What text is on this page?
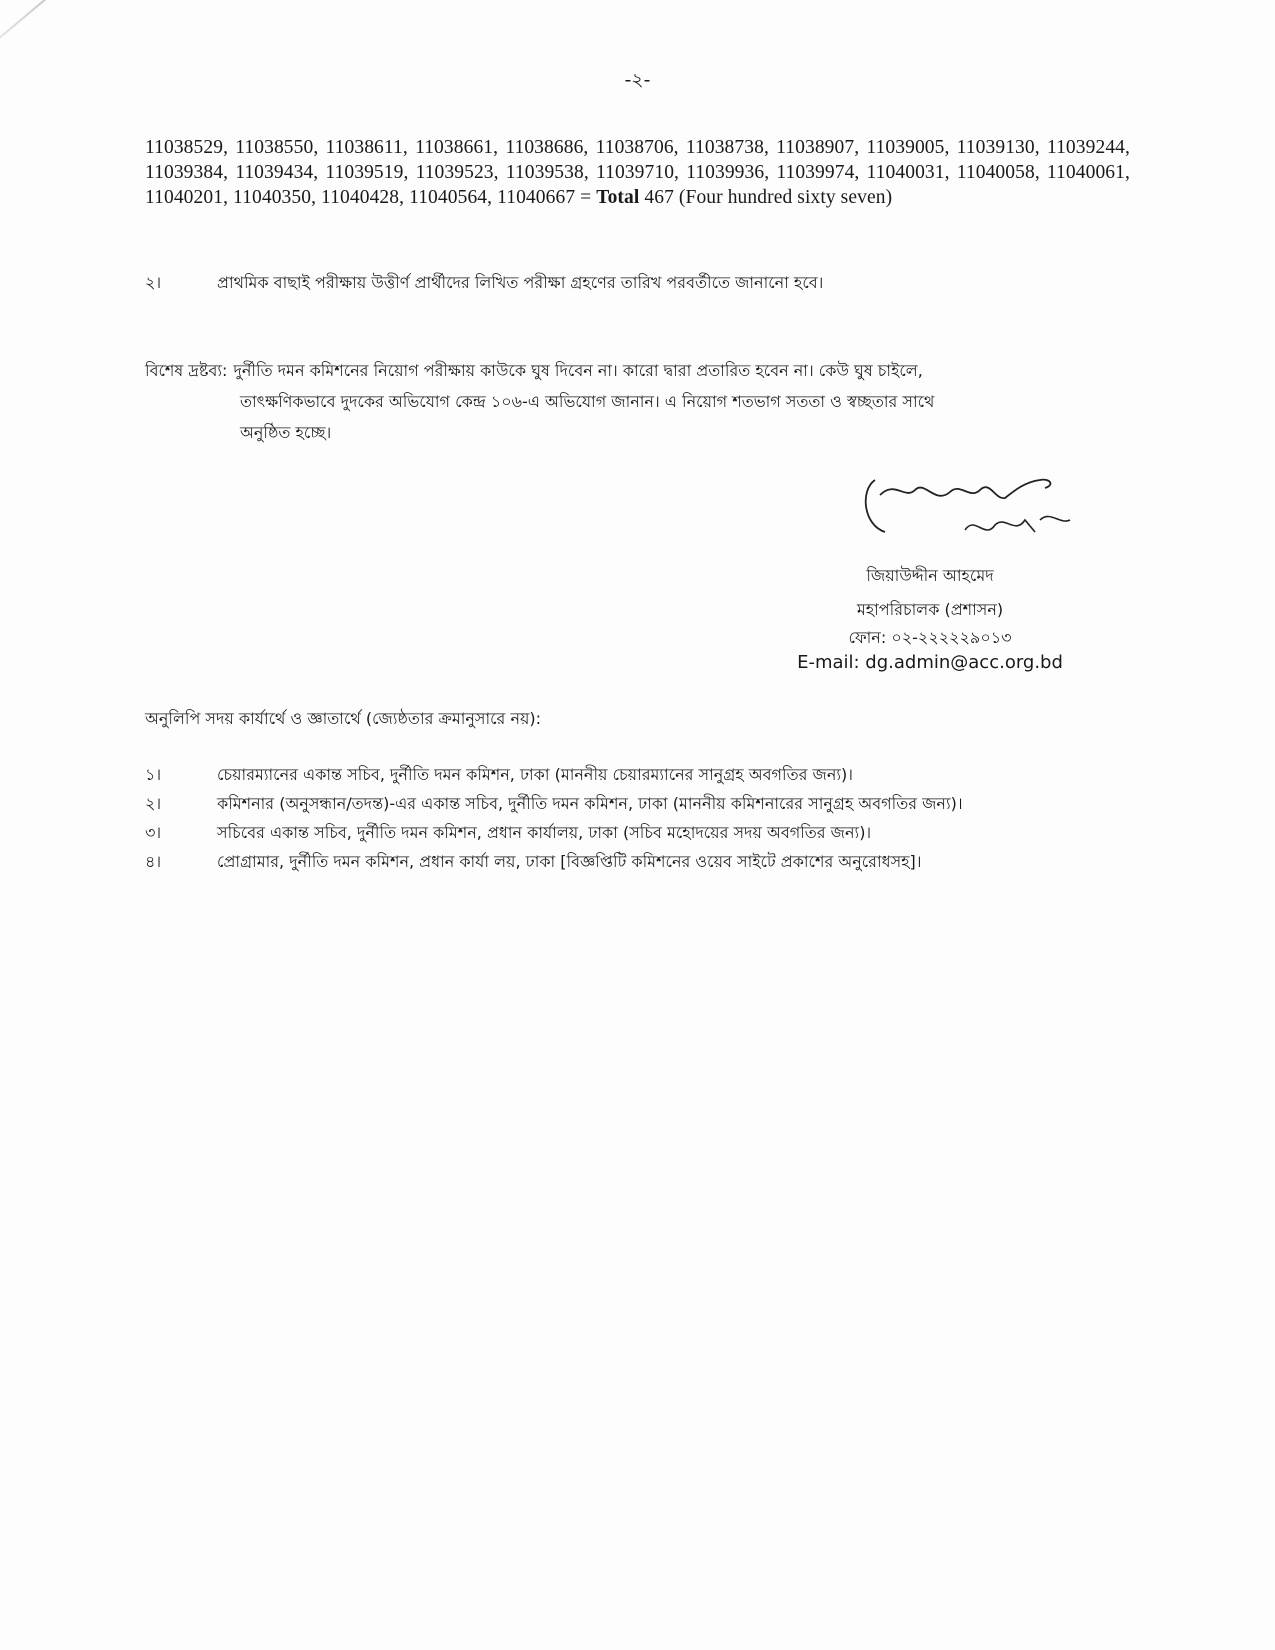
-২-
11038529, 11038550, 11038611, 11038661, 11038686, 11038706, 11038738, 11038907, 11039005, 11039130, 11039244, 11039384, 11039434, 11039519, 11039523, 11039538, 11039710, 11039936, 11039974, 11040031, 11040058, 11040061, 11040201, 11040350, 11040428, 11040564, 11040667 = Total 467 (Four hundred sixty seven)
২।	প্রাথমিক বাছাই পরীক্ষায় উত্তীর্ণ প্রার্থীদের লিখিত পরীক্ষা গ্রহণের তারিখ পরবর্তীতে জানানো হবে।
বিশেষ দ্রষ্টব্য: দুর্নীতি দমন কমিশনের নিয়োগ পরীক্ষায় কাউকে ঘুষ দিবেন না। কারো দ্বারা প্রতারিত হবেন না। কেউ ঘুষ চাইলে,
তাৎক্ষণিকভাবে দুদকের অভিযোগ কেন্দ্র ১০৬-এ অভিযোগ জানান। এ নিয়োগ শতভাগ সততা ও স্বচ্ছতার সাথে
অনুষ্ঠিত হচ্ছে।
জিয়াউদ্দীন আহমেদ
মহাপরিচালক (প্রশাসন)
ফোন: ০২-২২২২২৯০১৩
E-mail: dg.admin@acc.org.bd
অনুলিপি সদয় কার্যার্থে ও জ্ঞাতার্থে (জ্যেষ্ঠতার ক্রমানুসারে নয়):
১।	চেয়ারম্যানের একান্ত সচিব, দুর্নীতি দমন কমিশন, ঢাকা (মাননীয় চেয়ারম্যানের সানুগ্রহ অবগতির জন্য)।
২।	কমিশনার (অনুসন্ধান/তদন্ত)-এর একান্ত সচিব, দুর্নীতি দমন কমিশন, ঢাকা (মাননীয় কমিশনারের সানুগ্রহ অবগতির জন্য)।
৩।	সচিবের একান্ত সচিব, দুর্নীতি দমন কমিশন, প্রধান কার্যালয়, ঢাকা (সচিব মহোদয়ের সদয় অবগতির জন্য)।
৪।	প্রোগ্রামার, দুর্নীতি দমন কমিশন, প্রধান কার্যা লয়, ঢাকা [বিজ্ঞপ্তিটি কমিশনের ওয়েব সাইটে প্রকাশের অনুরোধসহ]।
